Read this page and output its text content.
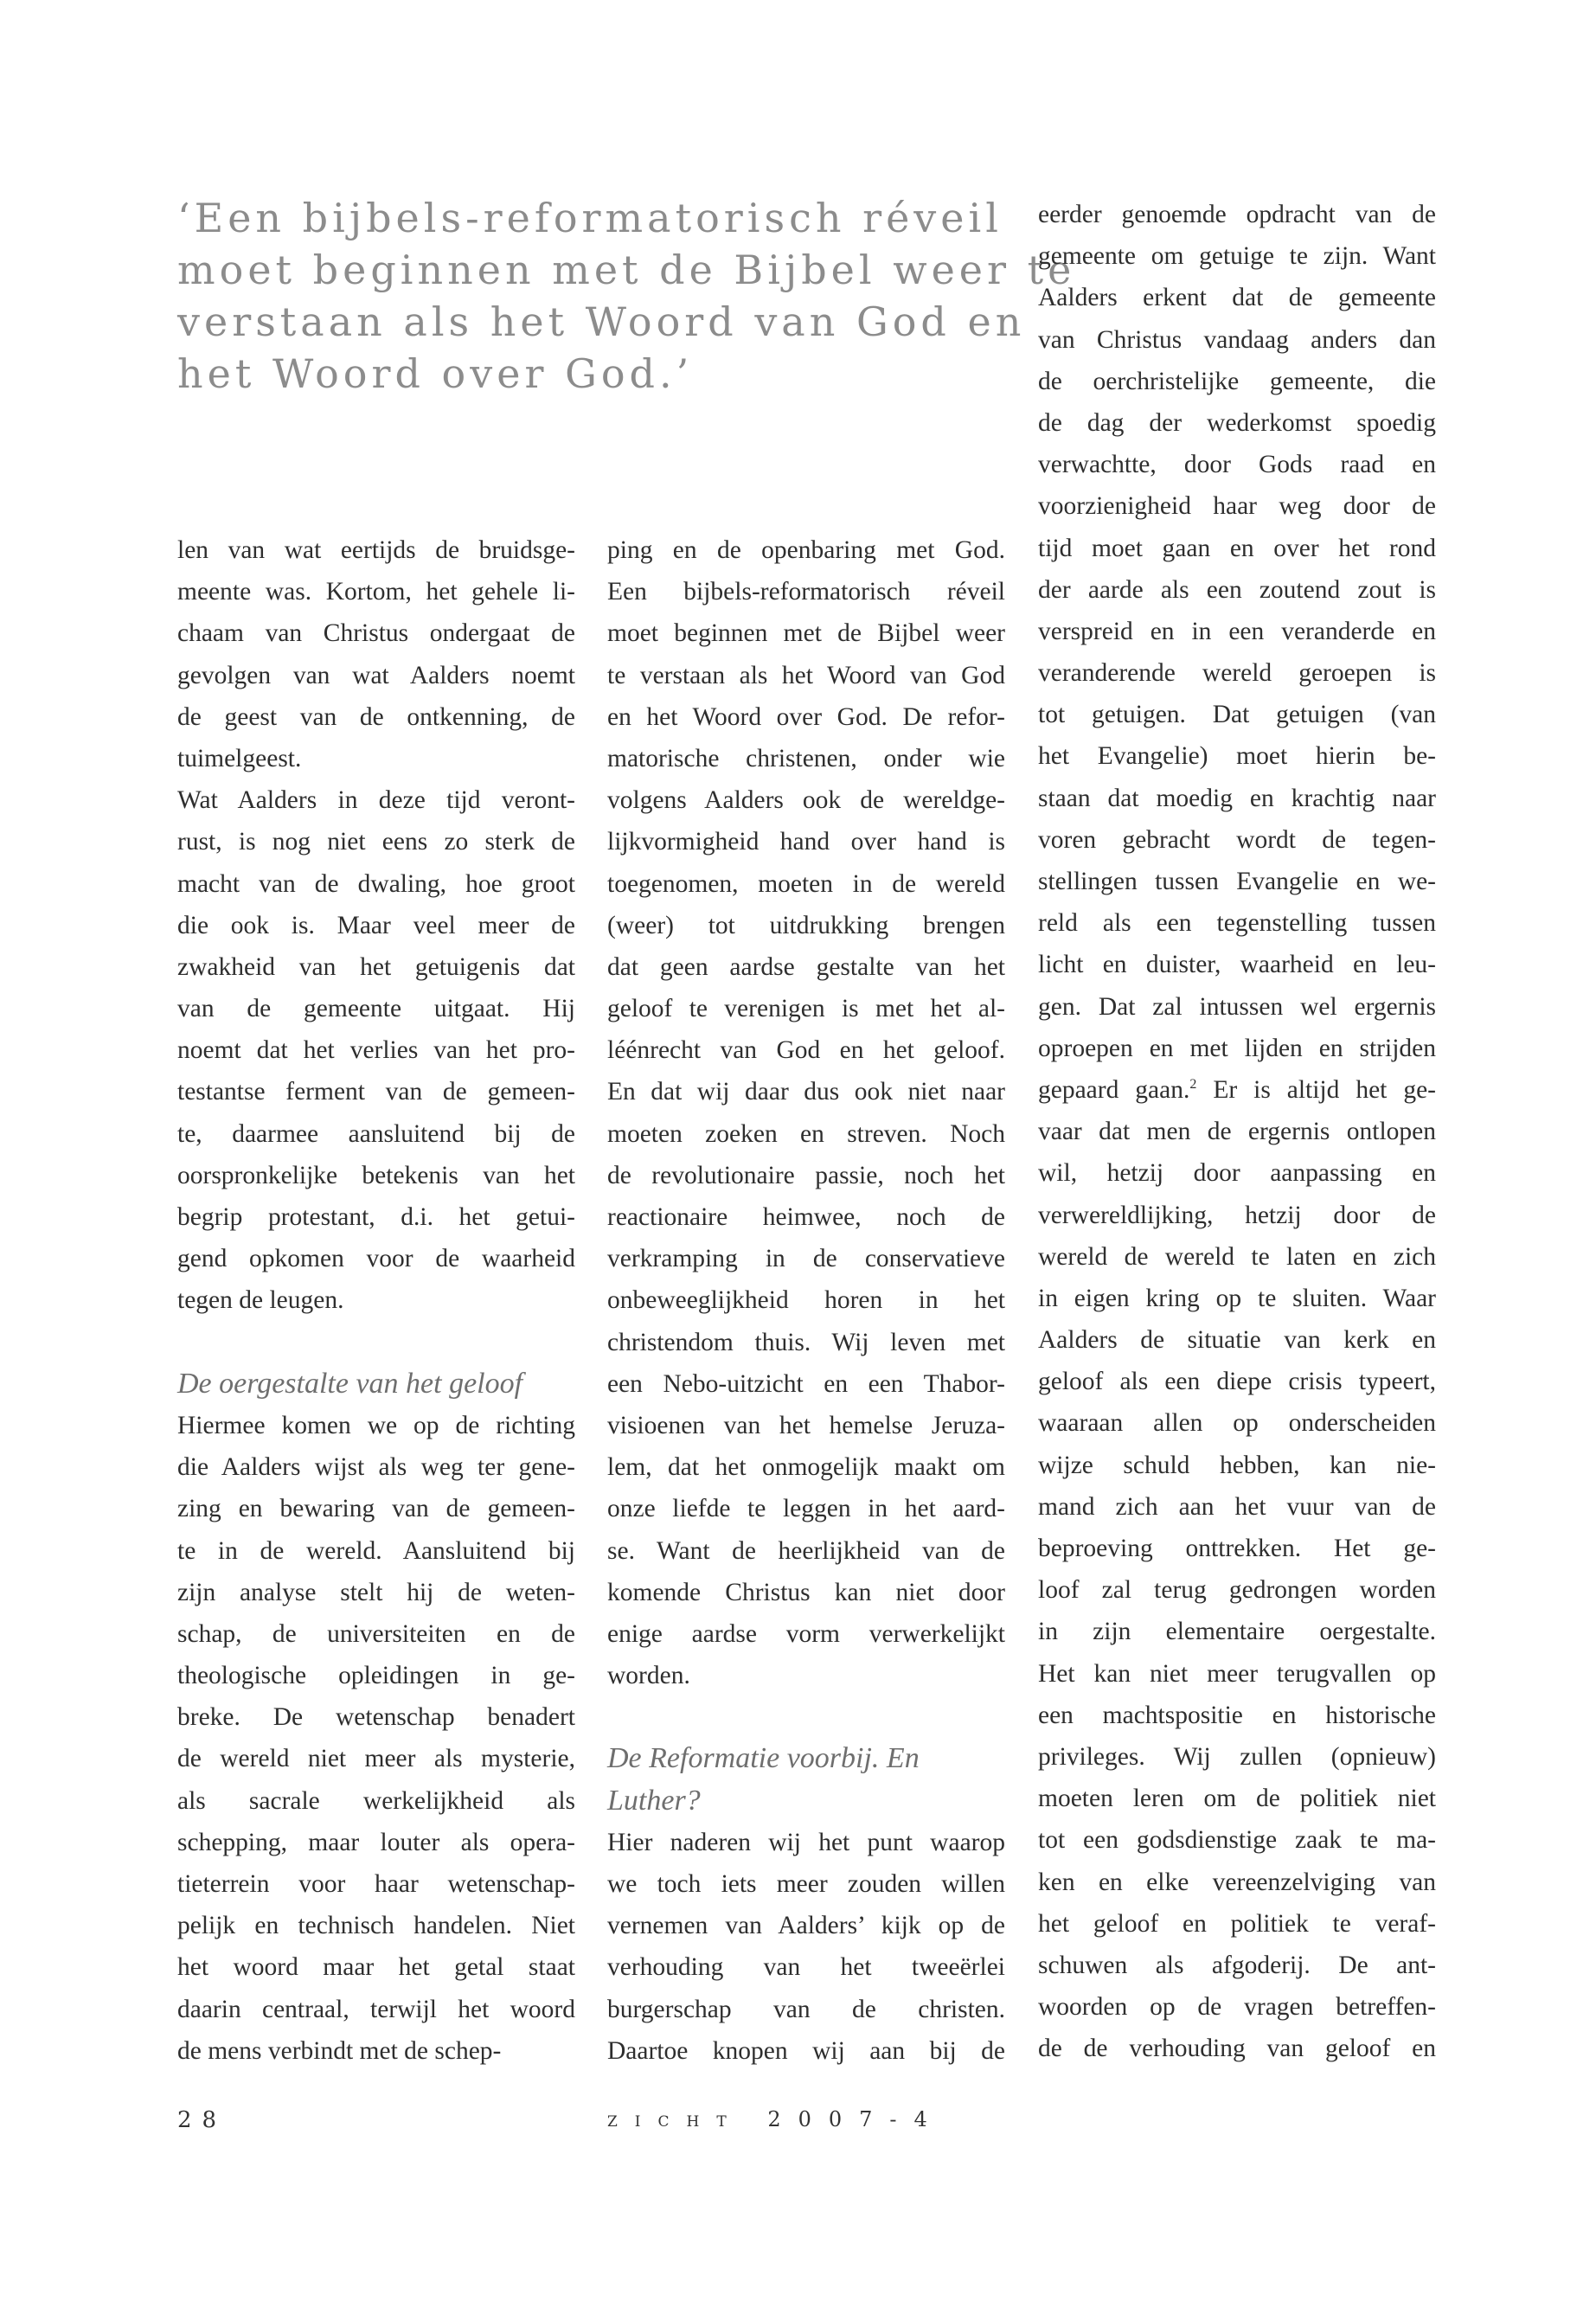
‘Een bijbels-reformatorisch réveil
moet beginnen met de Bijbel weer te
verstaan als het Woord van God en
het Woord over God.’
len van wat eertijds de bruidsge-
meente was. Kortom, het gehele li-
chaam van Christus ondergaat de
gevolgen van wat Aalders noemt
de geest van de ontkenning, de
tuimelgeest.
Wat Aalders in deze tijd veront-
rust, is nog niet eens zo sterk de
macht van de dwaling, hoe groot
die ook is. Maar veel meer de
zwakheid van het getuigenis dat
van de gemeente uitgaat. Hij
noemt dat het verlies van het pro-
testantse ferment van de gemeen-
te, daarmee aansluitend bij de
oorspronkelijke betekenis van het
begrip protestant, d.i. het getui-
gend opkomen voor de waarheid
tegen de leugen.
De oergestalte van het geloof
Hiermee komen we op de richting
die Aalders wijst als weg ter gene-
zing en bewaring van de gemeen-
te in de wereld. Aansluitend bij
zijn analyse stelt hij de weten-
schap, de universiteiten en de
theologische opleidingen in ge-
breke. De wetenschap benadert
de wereld niet meer als mysterie,
als sacrale werkelijkheid als
schepping, maar louter als opera-
tieterrein voor haar wetenschap-
pelijk en technisch handelen. Niet
het woord maar het getal staat
daarin centraal, terwijl het woord
de mens verbindt met de schep-
ping en de openbaring met God.
Een bijbels-reformatorisch réveil
moet beginnen met de Bijbel weer
te verstaan als het Woord van God
en het Woord over God. De refor-
matorische christenen, onder wie
volgens Aalders ook de wereldge-
lijkvormigheid hand over hand is
toegenomen, moeten in de wereld
(weer) tot uitdrukking brengen
dat geen aardse gestalte van het
geloof te verenigen is met het al-
léénrecht van God en het geloof.
En dat wij daar dus ook niet naar
moeten zoeken en streven. Noch
de revolutionaire passie, noch het
reactionaire heimwee, noch de
verkramping in de conservatieve
onbeweeglijkheid horen in het
christendom thuis. Wij leven met
een Nebo-uitzicht en een Thabor-
visioenen van het hemelse Jeruza-
lem, dat het onmogelijk maakt om
onze liefde te leggen in het aard-
se. Want de heerlijkheid van de
komende Christus kan niet door
enige aardse vorm verwerkelijkt
worden.
De Reformatie voorbij. En
Luther?
Hier naderen wij het punt waarop
we toch iets meer zouden willen
vernemen van Aalders’ kijk op de
verhouding van het tweeërlei
burgerschap van de christen.
Daartoe knopen wij aan bij de
eerder genoemde opdracht van de
gemeente om getuige te zijn. Want
Aalders erkent dat de gemeente
van Christus vandaag anders dan
de oerchristelijke gemeente, die
de dag der wederkomst spoedig
verwachtte, door Gods raad en
voorzienigheid haar weg door de
tijd moet gaan en over het rond
der aarde als een zoutend zout is
verspreid en in een veranderde en
veranderende wereld geroepen is
tot getuigen. Dat getuigen (van
het Evangelie) moet hierin be-
staan dat moedig en krachtig naar
voren gebracht wordt de tegen-
stellingen tussen Evangelie en we-
reld als een tegenstelling tussen
licht en duister, waarheid en leu-
gen. Dat zal intussen wel ergernis
oproepen en met lijden en strijden
gepaard gaan.$^2$ Er is altijd het ge-
vaar dat men de ergernis ontlopen
wil, hetzij door aanpassing en
verwereldlijking, hetzij door de
wereld de wereld te laten en zich
in eigen kring op te sluiten. Waar
Aalders de situatie van kerk en
geloof als een diepe crisis typeert,
waaraan allen op onderscheiden
wijze schuld hebben, kan nie-
mand zich aan het vuur van de
beproeving onttrekken. Het ge-
loof zal terug gedrongen worden
in zijn elementaire oergestalte.
Het kan niet meer terugvallen op
een machtspositie en historische
privileges. Wij zullen (opnieuw)
moeten leren om de politiek niet
tot een godsdienstige zaak te ma-
ken en elke vereenzelviging van
het geloof en politiek te veraf-
schuwen als afgoderij. De ant-
woorden op de vragen betreffen-
de de verhouding van geloof en
28	zicht 2007-4
